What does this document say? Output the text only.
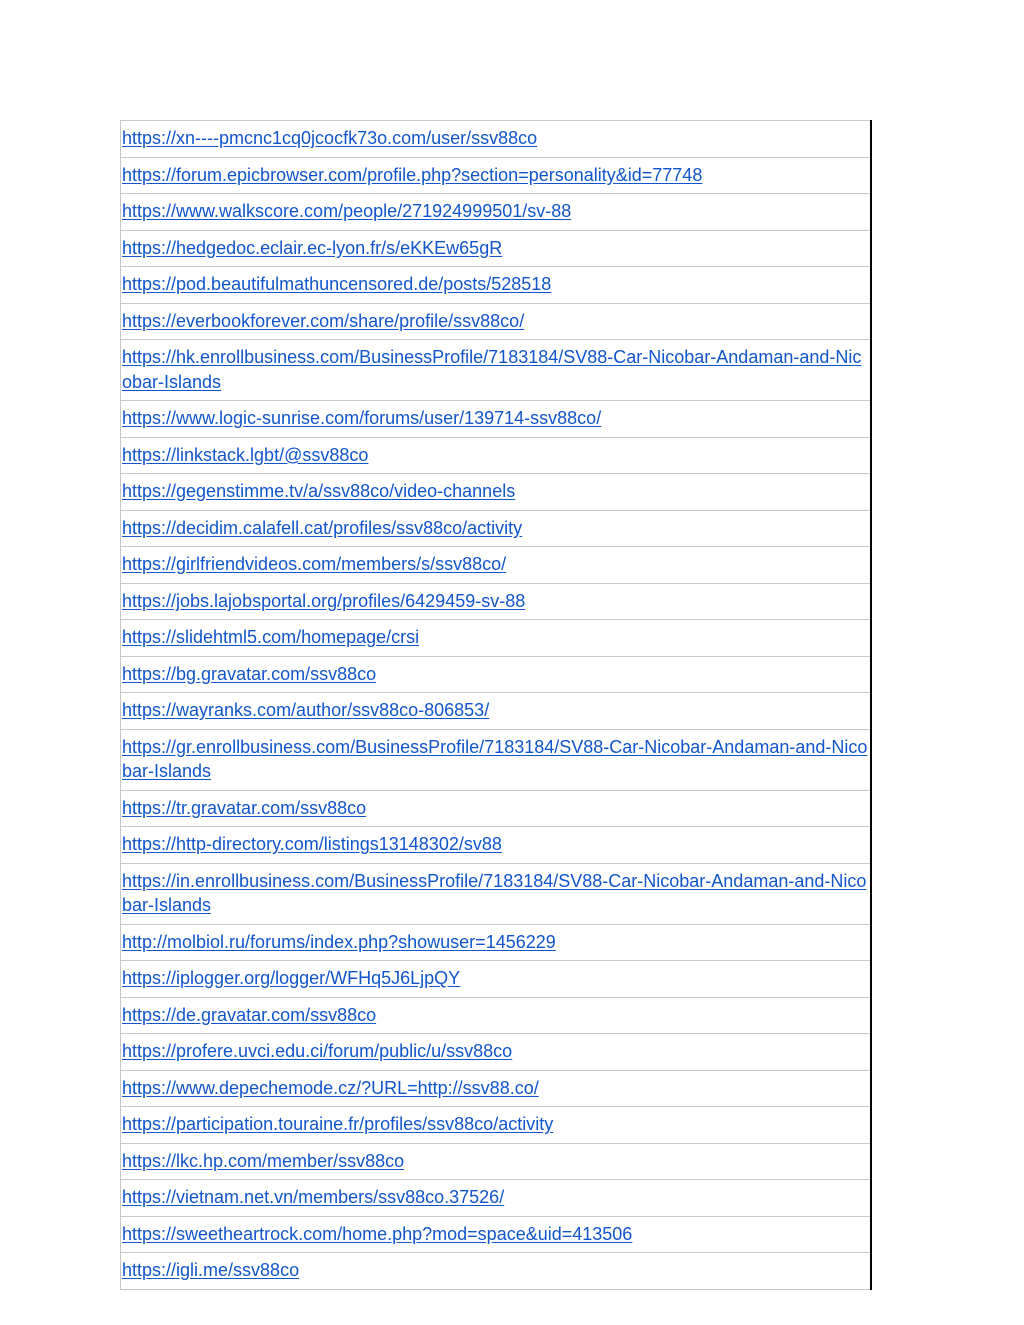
https://xn----pmcnc1cq0jcocfk73o.com/user/ssv88co
https://forum.epicbrowser.com/profile.php?section=personality&id=77748
https://www.walkscore.com/people/271924999501/sv-88
https://hedgedoc.eclair.ec-lyon.fr/s/eKKEw65gR
https://pod.beautifulmathuncensored.de/posts/528518
https://everbookforever.com/share/profile/ssv88co/
https://hk.enrollbusiness.com/BusinessProfile/7183184/SV88-Car-Nicobar-Andaman-and-Nicobar-Islands
https://www.logic-sunrise.com/forums/user/139714-ssv88co/
https://linkstack.lgbt/@ssv88co
https://gegenstimme.tv/a/ssv88co/video-channels
https://decidim.calafell.cat/profiles/ssv88co/activity
https://girlfriendvideos.com/members/s/ssv88co/
https://jobs.lajobsportal.org/profiles/6429459-sv-88
https://slidehtml5.com/homepage/crsi
https://bg.gravatar.com/ssv88co
https://wayranks.com/author/ssv88co-806853/
https://gr.enrollbusiness.com/BusinessProfile/7183184/SV88-Car-Nicobar-Andaman-and-Nicobar-Islands
https://tr.gravatar.com/ssv88co
https://http-directory.com/listings13148302/sv88
https://in.enrollbusiness.com/BusinessProfile/7183184/SV88-Car-Nicobar-Andaman-and-Nicobar-Islands
http://molbiol.ru/forums/index.php?showuser=1456229
https://iplogger.org/logger/WFHq5J6LjpQY
https://de.gravatar.com/ssv88co
https://profere.uvci.edu.ci/forum/public/u/ssv88co
https://www.depechemode.cz/?URL=http://ssv88.co/
https://participation.touraine.fr/profiles/ssv88co/activity
https://lkc.hp.com/member/ssv88co
https://vietnam.net.vn/members/ssv88co.37526/
https://sweetheartrock.com/home.php?mod=space&uid=413506
https://igli.me/ssv88co
